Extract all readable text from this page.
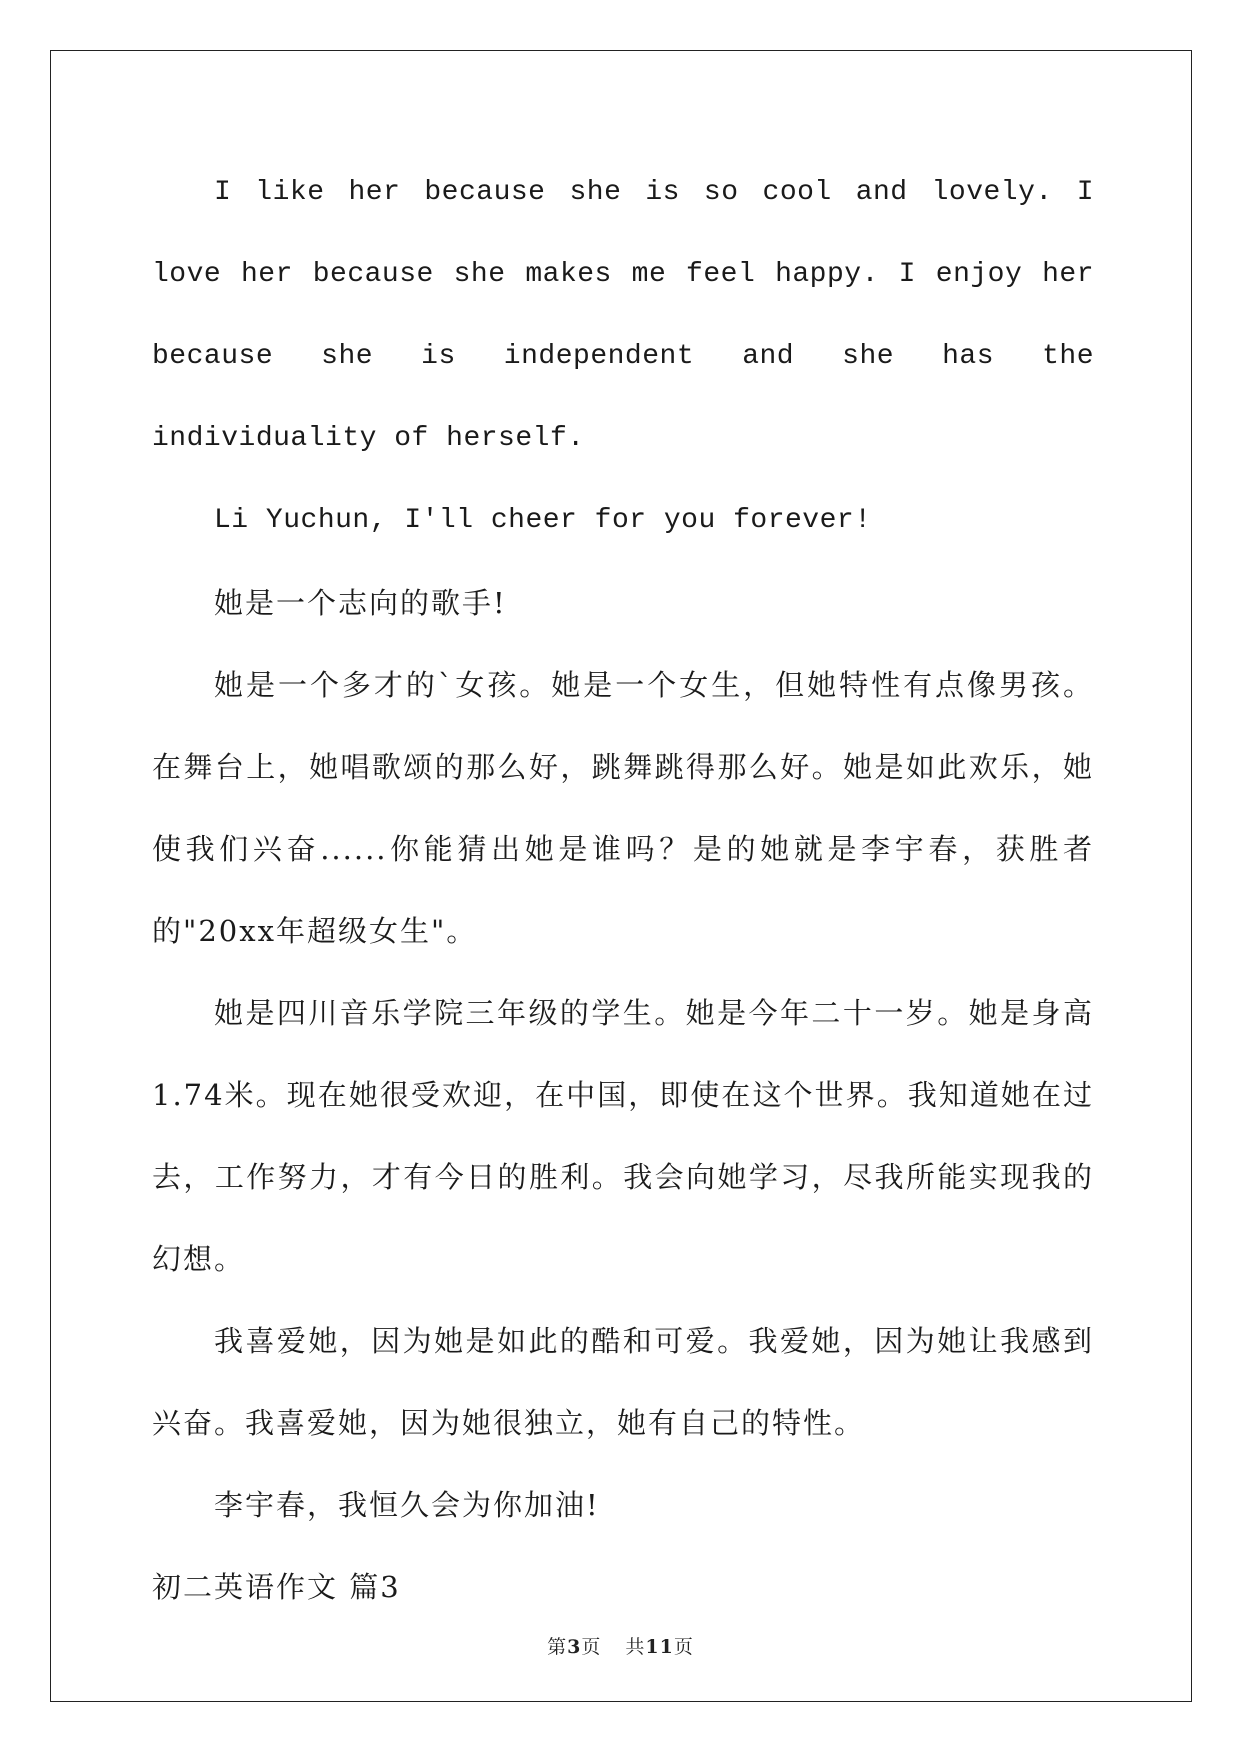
I like her because she is so cool and lovely. I love her because she makes me feel happy. I enjoy her because she is independent and she has the individuality of herself.

Li Yuchun, I'll cheer for you forever!

她是一个志向的歌手!

她是一个多才的`女孩。她是一个女生，但她特性有点像男孩。在舞台上，她唱歌颂的那么好，跳舞跳得那么好。她是如此欢乐，她使我们兴奋......你能猜出她是谁吗？是的她就是李宇春，获胜者的"20xx年超级女生"。

她是四川音乐学院三年级的学生。她是今年二十一岁。她是身高1.74米。现在她很受欢迎，在中国，即使在这个世界。我知道她在过去，工作努力，才有今日的胜利。我会向她学习，尽我所能实现我的幻想。

我喜爱她，因为她是如此的酷和可爱。我爱她，因为她让我感到兴奋。我喜爱她，因为她很独立，她有自己的特性。

李宇春，我恒久会为你加油!

初二英语作文 篇3

第3页 共11页
